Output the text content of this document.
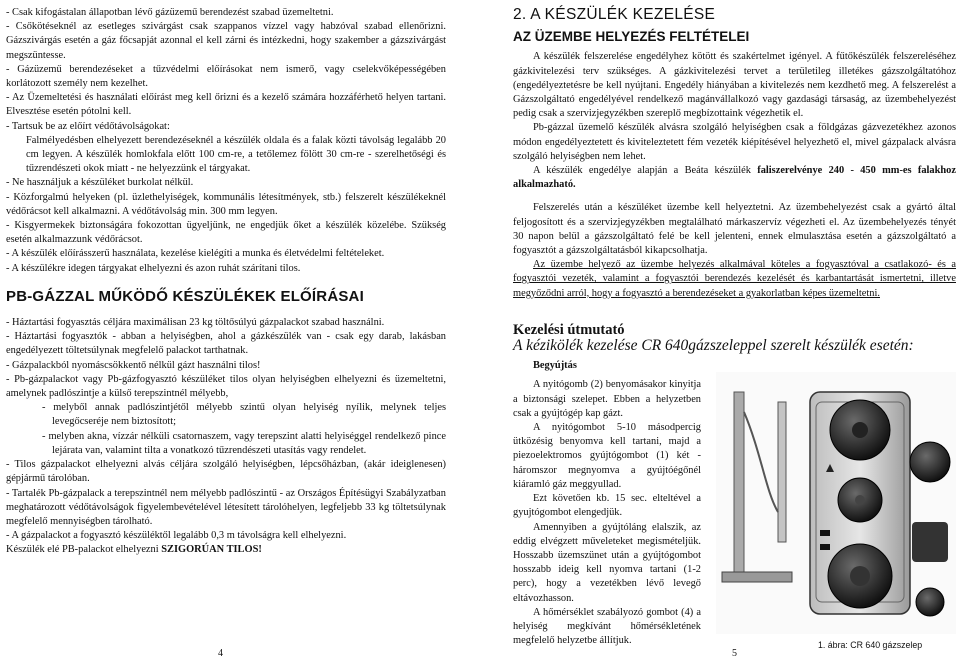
- Csak kifogástalan állapotban lévő gázüzemű berendezést szabad üzemeltetni.

- Csőkötéseknél az esetleges szivárgást csak szappanos vízzel vagy habzóval szabad ellenőrizni. Gázszivárgás esetén a gáz főcsapját azonnal el kell zárni és intézkedni, hogy szakember a gázszivárgást megszüntesse.

- Gázüzemű berendezéseket a tűzvédelmi előírásokat nem ismerő, vagy cselekvőképességében korlátozott személy nem kezelhet.

- Az Üzemeltetési és használati előírást meg kell őrizni és a kezelő számára hozzáférhető helyen tartani. Elvesztése esetén pótolni kell.

- Tartsuk be az előírt védőtávolságokat:

Falmélyedésben elhelyezett berendezéseknél a készülék oldala és a falak közti távolság legalább 20 cm legyen. A készülék homlokfala előtt 100 cm-re, a tetőlemez fölött 30 cm-re - szerelhetőségi és tűzrendészeti okok miatt - ne helyezzünk el tárgyakat.

- Ne használjuk a készüléket burkolat nélkül.

- Közforgalmú helyeken (pl. üzlethelyiségek, kommunális létesítmények, stb.) felszerelt készülékeknél védőrácsot kell alkalmazni. A védőtávolság min. 300 mm legyen.

- Kisgyermekek biztonságára fokozottan ügyeljünk, ne engedjük őket a készülék közelébe. Szükség esetén alkalmazzunk védőrácsot.

- A készülék előírásszerű használata, kezelése kielégíti a munka és életvédelmi feltételeket.

- A készülékre idegen tárgyakat elhelyezni és azon ruhát szárítani tilos.

PB-GÁZZAL MŰKÖDŐ KÉSZÜLÉKEK ELŐÍRÁSAI

- Háztartási fogyasztás céljára maximálisan 23 kg töltősúlyú gázpalackot szabad használni.

- Háztartási fogyasztók - abban a helyiségben, ahol a gázkészülék van - csak egy darab, lakásban engedélyezett töltetsúlynak megfelelő palackot tarthatnak.

- Gázpalackból nyomáscsökkentő nélkül gázt használni tilos!

- Pb-gázpalackot vagy Pb-gázfogyasztó készüléket tilos olyan helyiségben elhelyezni és üzemeltetni, amelynek padlószintje a külső terepszintnél mélyebb,

- melyből annak padlószintjétől mélyebb szintű olyan helyiség nyílik, melynek teljes levegőcseréje nem biztosított;

- melyben akna, vízzár nélküli csatornaszem, vagy terepszint alatti helyiséggel rendelkező pince lejárata van, valamint tilta a vonatkozó tűzrendészeti utasítás vagy rendelet.

- Tilos gázpalackot elhelyezni alvás céljára szolgáló helyiségben, lépcsőházban, (akár ideiglenesen) gépjármű tárolóban.

- Tartalék Pb-gázpalack a terepszintnél nem mélyebb padlószintű - az Országos Építésügyi Szabályzatban meghatározott védőtávolságok figyelembevételével létesített tárolóhelyen, legfeljebb 33 kg töltetsúlynak megfelelő mennyiségben tárolható.

- A gázpalackot a fogyasztó készüléktől legalább 0,3 m távolságra kell elhelyezni.

Készülék elé PB-palackot elhelyezni SZIGORÚAN TILOS!

2. A KÉSZÜLÉK KEZELÉSE
AZ ÜZEMBE HELYEZÉS FELTÉTELEI

A készülék felszerelése engedélyhez kötött és szakértelmet igényel. A fűtőkészülék felszereléséhez gázkivitelezési terv szükséges. A gázkivitelezési tervet a területileg illetékes gázszolgáltatóhoz (engedélyeztetésre be kell nyújtani. Engedély hiányában a kivitelezés nem kezdhető meg. A felszerelést a Gázszolgáltató engedélyével rendelkező magánvállalkozó vagy gazdasági társaság, az üzembehelyezést pedig csak a szervizjegyzékben szereplő megbízottaink végezhetik el.

Pb-gázzal üzemelő készülék alvásra szolgáló helyiségben csak a földgázas gázvezetékhez azonos módon engedélyeztetett és kiviteleztetett fém vezeték kiépítésével helyezhető el, mivel gázpalack alvásra szolgáló helyiségben nem lehet.

A készülék engedélye alapján a Beáta készülék faliszerelvénye 240 - 450 mm-es falakhoz alkalmazható.

Felszerelés után a készüléket üzembe kell helyeztetni. Az üzembehelyezést csak a gyártó által feljogosított és a szervizjegyzékben megtalálható márkaszervíz végezheti el. Az üzembehelyezés tényét 30 napon belül a gázszolgáltató felé be kell jelenteni, ennek elmulasztása esetén a gázszolgáltató a fogyasztót a gázszolgáltatásból kikapcsolhatja.

Az üzembe helyező az üzembe helyezés alkalmával köteles a fogyasztóval a csatlakozó- és a fogyasztói vezeték, valamint a fogyasztói berendezés kezelését és karbantartását ismertetni, illetve megyőződni arról, hogy a fogyasztó a berendezéseket a gyakorlatban képes üzemeltetni.

Kezelési útmutató
A kézikölék kezelése CR 640gázszeleppel szerelt készülék esetén:
Begyújtás

A nyitógomb (2) benyomásakor kinyitja a biztonsági szelepet. Ebben a helyzetben csak a gyújtógép kap gázt.

A nyitógombot 5-10 másodpercig ütközésig benyomva kell tartani, majd a piezoelektromos gyújtógombot (1) két - háromszor megnyomva a gyújtóégőnél kiáramló gáz meggyullad.

Ezt követően kb. 15 sec. elteltével a gyujtógombot elengedjük.

Amennyiben a gyújtóláng elalszik, az eddig elvégzett műveleteket megismételjük. Hosszabb üzemszünet után a gyújtógombot hosszabb ideig kell nyomva tartani (1-2 perc), hogy a vezetékben lévő levegő eltávozhasson.

A hőmérséklet szabályozó gombot (4) a helyiség megkívánt hőmérsékletének megfelelő helyzetbe állítjuk.	1. ábra: CR 640 gázszelep
4	5
